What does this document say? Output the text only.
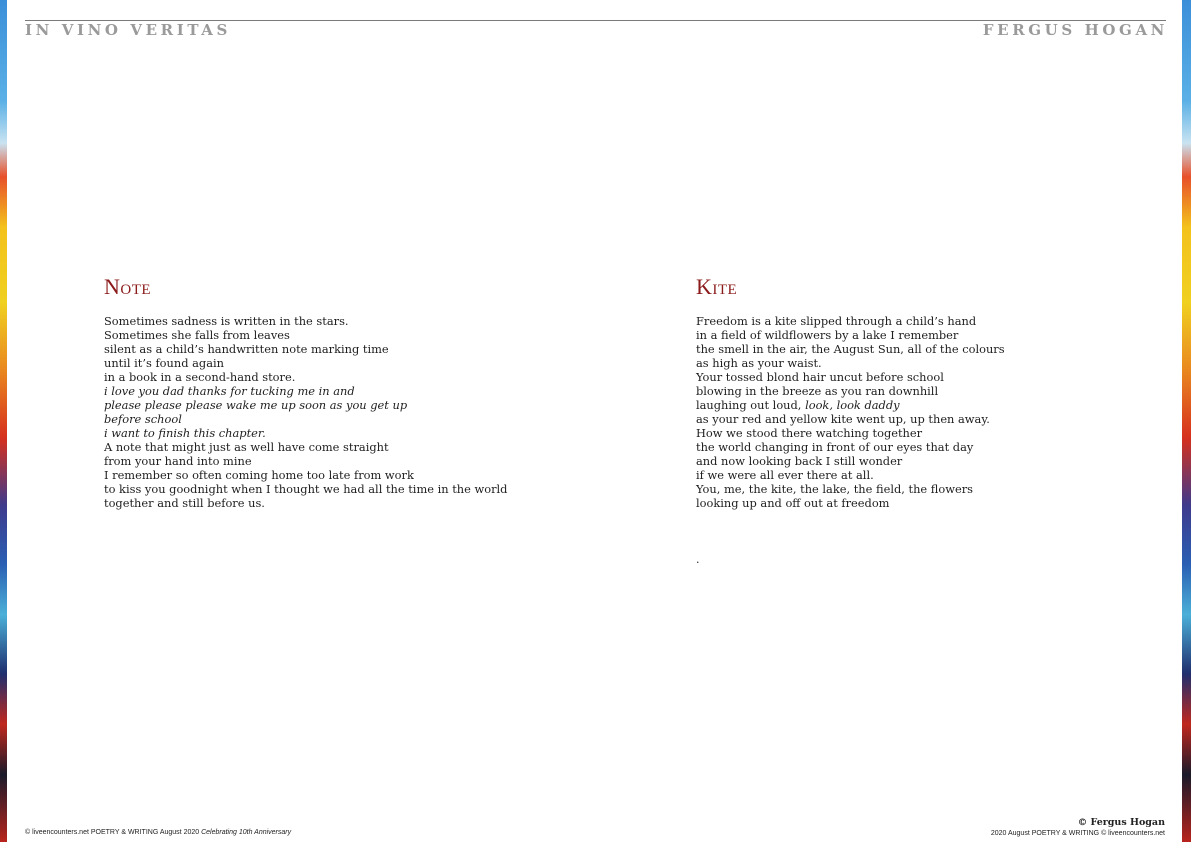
IN VINO VERITAS	FERGUS HOGAN
Note
Sometimes sadness is written in the stars.
Sometimes she falls from leaves
silent as a child’s handwritten note marking time
until it’s found again
in a book in a second-hand store.
i love you dad thanks for tucking me in and
please please please wake me up soon as you get up
before school
i want to finish this chapter.
A note that might just as well have come straight
from your hand into mine
I remember so often coming home too late from work
to kiss you goodnight when I thought we had all the time in the world
together and still before us.
Kite
Freedom is a kite slipped through a child’s hand
in a field of wildflowers by a lake I remember
the smell in the air, the August Sun, all of the colours
as high as your waist.
Your tossed blond hair uncut before school
blowing in the breeze as you ran downhill
laughing out loud, look, look daddy
as your red and yellow kite went up, up then away.
How we stood there watching together
the world changing in front of our eyes that day
and now looking back I still wonder
if we were all ever there at all.
You, me, the kite, the lake, the field, the flowers
looking up and off out at freedom
.
© liveencounters.net POETRY & WRITING August 2020 Celebrating 10th Anniversary
© Fergus Hogan
2020 August POETRY & WRITING © liveencounters.net
